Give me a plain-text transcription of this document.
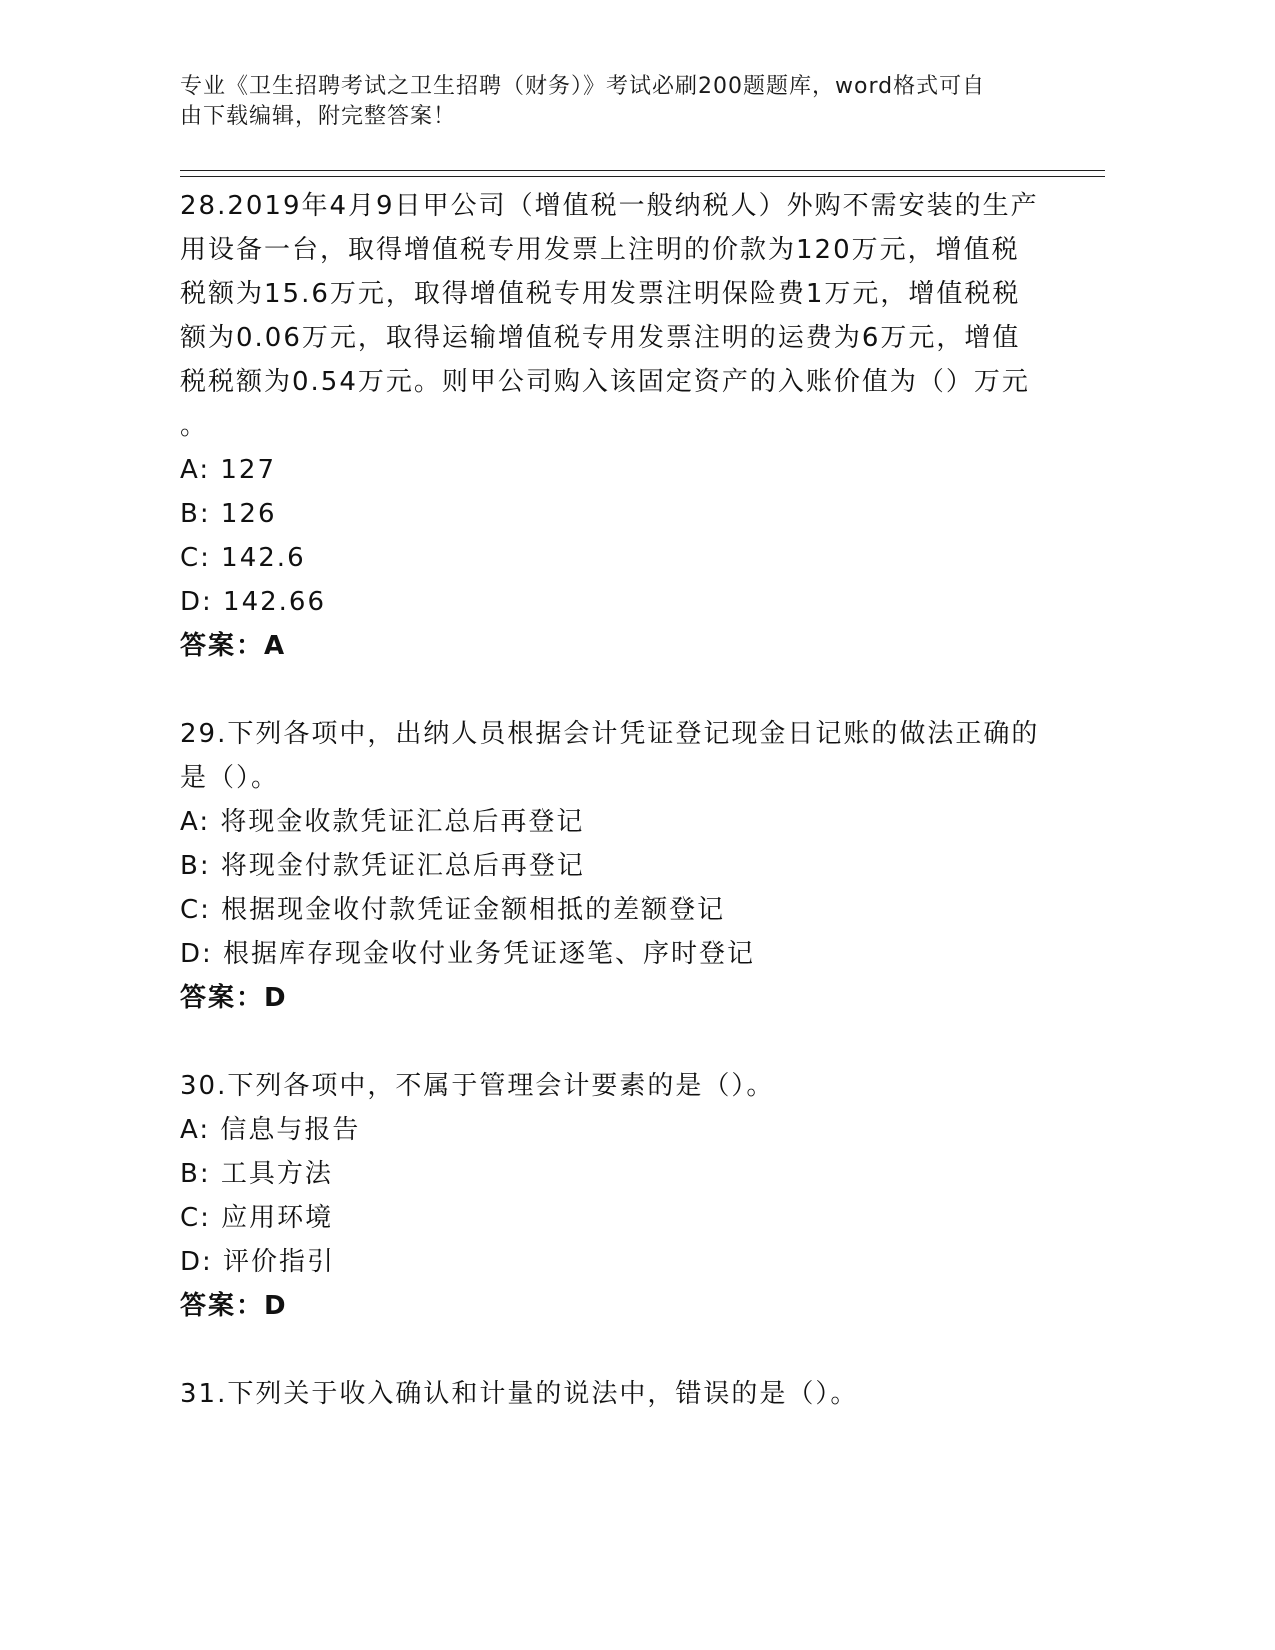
专业《卫生招聘考试之卫生招聘（财务）》考试必刷200题题库，word格式可自
由下载编辑，附完整答案！

28.2019年4月9日甲公司（增值税一般纳税人）外购不需安装的生产

用设备一台，取得增值税专用发票上注明的价款为120万元，增值税

税额为15.6万元，取得增值税专用发票注明保险费1万元，增值税税

额为0.06万元，取得运输增值税专用发票注明的运费为6万元，增值

税税额为0.54万元。则甲公司购入该固定资产的入账价值为（）万元

。

A: 127

B: 126

C: 142.6

D: 142.66

答案：A

29.下列各项中，出纳人员根据会计凭证登记现金日记账的做法正确的

是（）。

A: 将现金收款凭证汇总后再登记

B: 将现金付款凭证汇总后再登记

C: 根据现金收付款凭证金额相抵的差额登记

D: 根据库存现金收付业务凭证逐笔、序时登记

答案：D

30.下列各项中，不属于管理会计要素的是（）。

A: 信息与报告

B: 工具方法

C: 应用环境

D: 评价指引

答案：D

31.下列关于收入确认和计量的说法中，错误的是（）。
